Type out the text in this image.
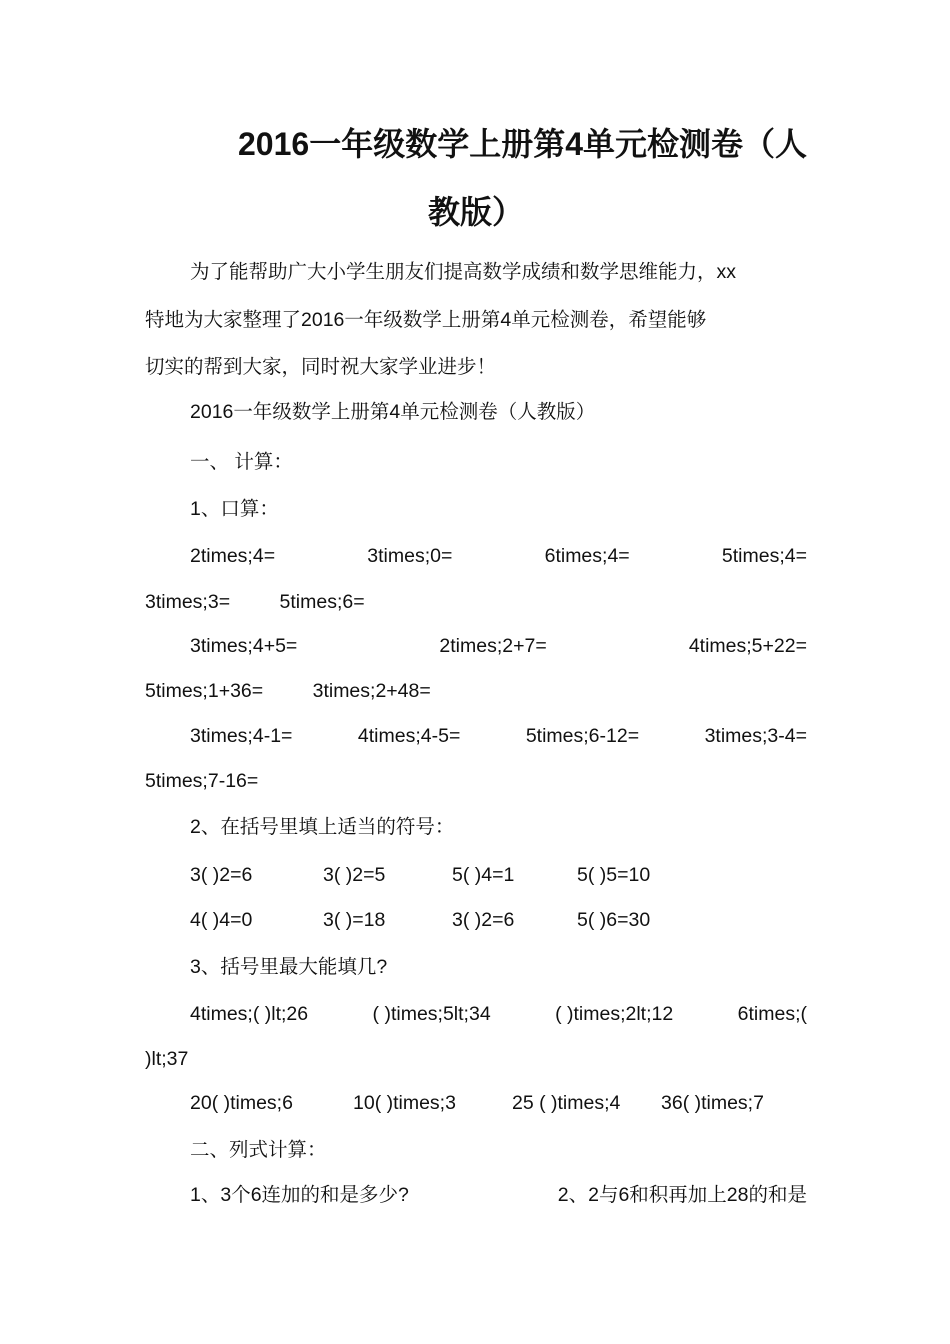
2016一年级数学上册第4单元检测卷（人
教版）
为了能帮助广大小学生朋友们提高数学成绩和数学思维能力，xx
特地为大家整理了2016一年级数学上册第4单元检测卷，希望能够
切实的帮到大家，同时祝大家学业进步！
2016一年级数学上册第4单元检测卷（人教版）
一、 计算：
1、口算：
2times;4=	3times;0=	6times;4=	5times;4=
3times;3=	5times;6=
3times;4+5=	2times;2+7=	4times;5+22=
5times;1+36=	3times;2+48=
3times;4-1=	4times;4-5=	5times;6-12=	3times;3-4=
5times;7-16=
2、在括号里填上适当的符号：
3( )2=6	3( )2=5	5( )4=1	5( )5=10
4( )4=0	3( )=18	3( )2=6	5( )6=30
3、括号里最大能填几?
4times;( )lt;26	( )times;5lt;34	( )times;2lt;12	6times;(
)lt;37
20( )times;6	10( )times;3	25 ( )times;4 36( )times;7
二、列式计算：
1、3个6连加的和是多少?	2、2与6和积再加上28的和是
